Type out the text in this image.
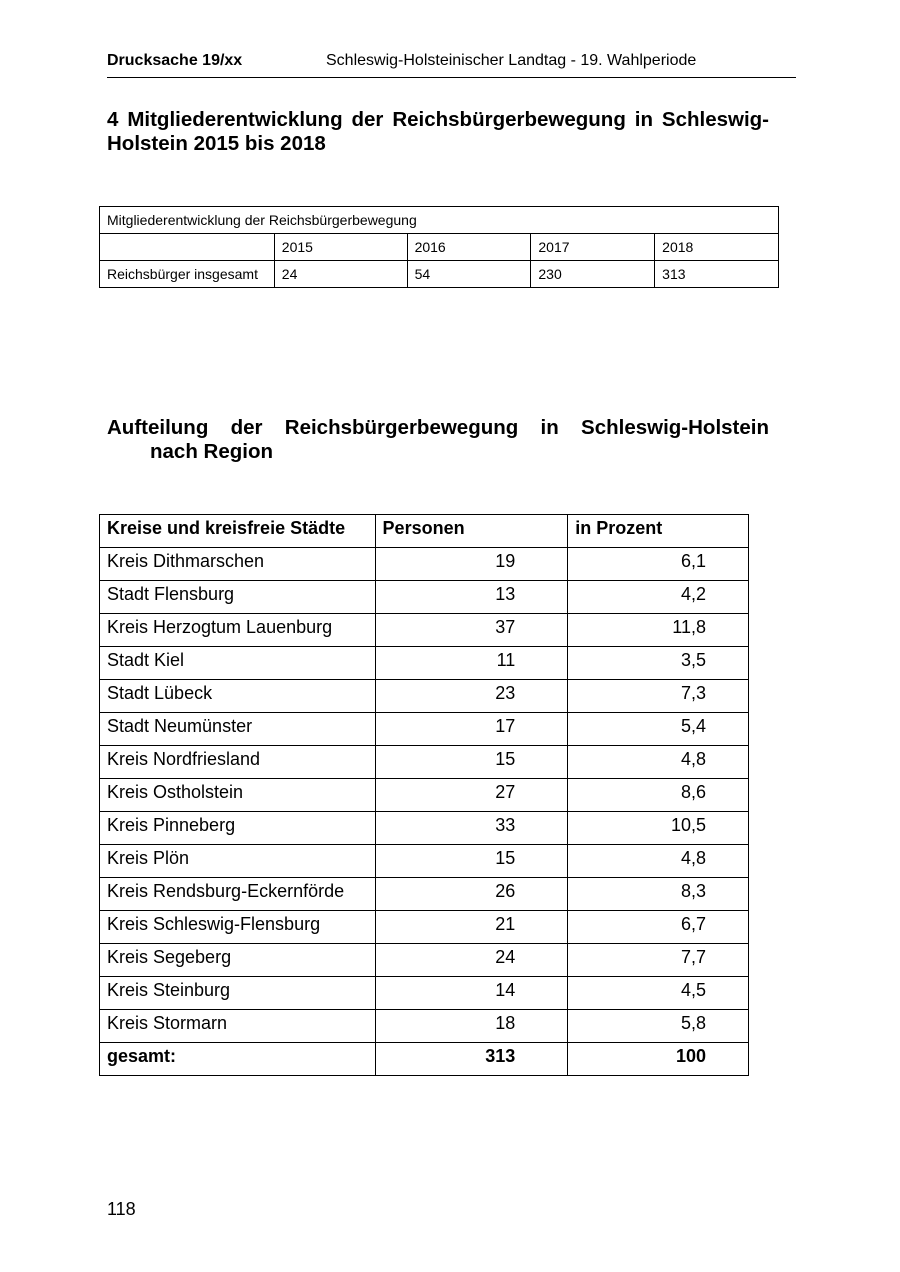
Drucksache 19/xx	Schleswig-Holsteinischer Landtag - 19. Wahlperiode
4 Mitgliederentwicklung der Reichsbürgerbewegung in Schleswig-Holstein 2015 bis 2018
Mitgliederentwicklung der Reichsbürgerbewegung				
	2015	2016	2017	2018
Reichsbürger insgesamt	24	54	230	313
Aufteilung der Reichsbürgerbewegung in Schleswig-Holstein
nach Region
Kreise und kreisfreie Städte	Personen	in Prozent
Kreis Dithmarschen	19	6,1
Stadt Flensburg	13	4,2
Kreis Herzogtum Lauenburg	37	11,8
Stadt Kiel	11	3,5
Stadt Lübeck	23	7,3
Stadt Neumünster	17	5,4
Kreis Nordfriesland	15	4,8
Kreis Ostholstein	27	8,6
Kreis Pinneberg	33	10,5
Kreis Plön	15	4,8
Kreis Rendsburg-Eckernförde	26	8,3
Kreis Schleswig-Flensburg	21	6,7
Kreis Segeberg	24	7,7
Kreis Steinburg	14	4,5
Kreis Stormarn	18	5,8
gesamt:	313	100
118
